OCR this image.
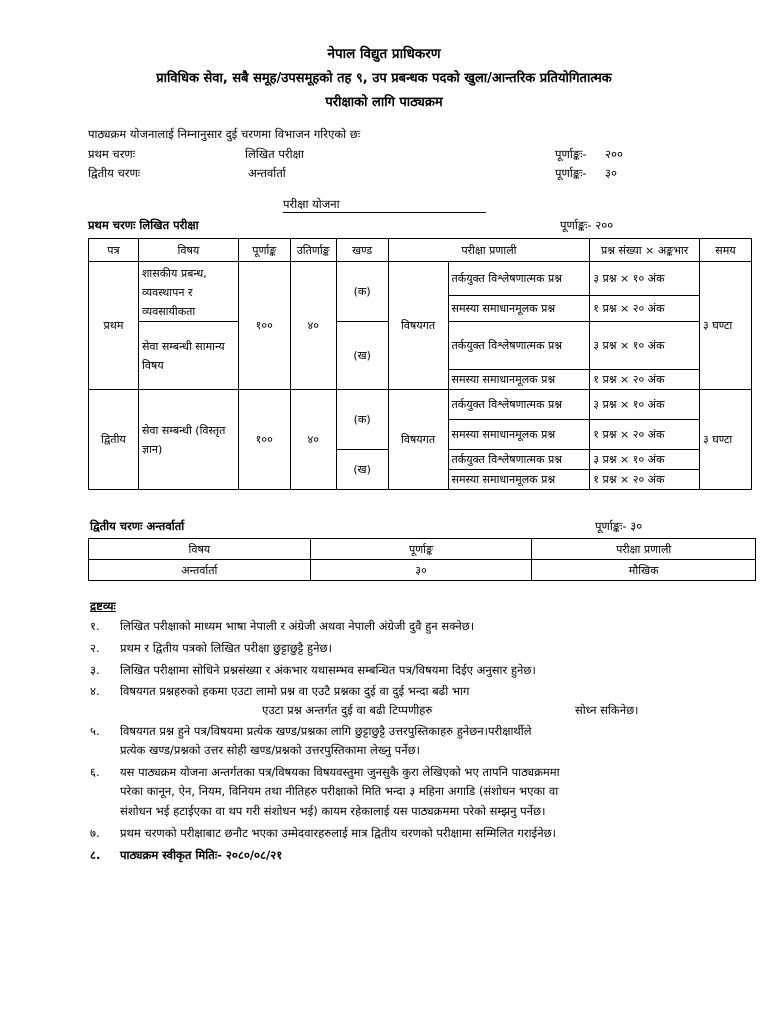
नेपाल विद्युत प्राधिकरण
प्राविधिक सेवा, सबै समूह/उपसमूहको तह ९, उप प्रबन्धक पदको खुला/आन्तरिक प्रतियोगितात्मक
परीक्षाको लागि पाठ्यक्रम
पाठ्यक्रम योजनालाई निम्नानुसार दुई चरणमा विभाजन गरिएको छः
प्रथम चरणः	लिखित परीक्षा	पूर्णाङ्कः- २००
द्वितीय चरणः	अन्तर्वार्ता	पूर्णाङ्कः- ३०
परीक्षा योजना
प्रथम चरणः लिखित परीक्षा	पूर्णाङ्कः- २००
पत्र	विषय	पूर्णाङ्क	उतिर्णाङ्क	खण्ड	परीक्षा प्रणाली		प्रश्न संख्या × अङ्कभार	समय
प्रथम	शासकीय प्रबन्ध, व्यवस्थापन र व्यवसायीकता	१००	४०	(क)	विषयगत	तर्कयुक्त विश्लेषणात्मक प्रश्न	३ प्रश्न × १० अंक	३ घण्टा
						समस्या समाधानमूलक प्रश्न	१ प्रश्न × २० अंक	
	सेवा सम्बन्धी सामान्य विषय			(ख)		तर्कयुक्त विश्लेषणात्मक प्रश्न	३ प्रश्न × १० अंक	
						समस्या समाधानमूलक प्रश्न	१ प्रश्न × २० अंक	
द्वितीय	सेवा सम्बन्धी (विस्तृत ज्ञान)	१००	४०	(क)	विषयगत	तर्कयुक्त विश्लेषणात्मक प्रश्न	३ प्रश्न × १० अंक	३ घण्टा
						समस्या समाधानमूलक प्रश्न	१ प्रश्न × २० अंक	
				(ख)		तर्कयुक्त विश्लेषणात्मक प्रश्न	३ प्रश्न × १० अंक	
						समस्या समाधानमूलक प्रश्न	१ प्रश्न × २० अंक	
द्वितीय चरणः अन्तर्वार्ता	पूर्णाङ्कः- ३०
विषय	पूर्णाङ्क	परीक्षा प्रणाली
अन्तर्वार्ता	३०	मौखिक
द्रष्टव्यः
१. लिखित परीक्षाको माध्यम भाषा नेपाली र अंग्रेजी अथवा नेपाली अंग्रेजी दुवै हुन सक्नेछ।
२. प्रथम र द्वितीय पत्रको लिखित परीक्षा छुट्टाछुट्टै हुनेछ।
३. लिखित परीक्षामा सोधिने प्रश्नसंख्या र अंकभार यथासम्भव सम्बन्धित पत्र/विषयमा दिईए अनुसार हुनेछ।
४. विषयगत प्रश्नहरुको हकमा एउटा लामो प्रश्न वा एउटै प्रश्नका दुई वा दुई भन्दा बढी भाग
एउटा प्रश्न अन्तर्गत दुई वा बढी टिप्पणीहरु	सोध्न सकिनेछ।
५. विषयगत प्रश्न हुने पत्र/विषयमा प्रत्येक खण्ड/प्रश्नका लागि छुट्टाछुट्टै उत्तरपुस्तिकाहरु हुनेछन।परीक्षार्थीले
प्रत्येक खण्ड/प्रश्नको उत्तर सोही खण्ड/प्रश्नको उत्तरपुस्तिकामा लेख्नु पर्नेछ।
६. यस पाठ्यक्रम योजना अन्तर्गतका पत्र/विषयका विषयवस्तुमा जुनसुकै कुरा लेखिएको भए तापनि पाठ्यक्रममा
परेका कानून, ऐन, नियम, विनियम तथा नीतिहरु परीक्षाको मिति भन्दा ३ महिना अगाडि (संशोधन भएका वा
संशोधन भई हटाईएका वा थप गरी संशोधन भई) कायम रहेकालाई यस पाठ्यक्रममा परेको सम्झनु पर्नेछ।
७. प्रथम चरणको परीक्षाबाट छनौट भएका उम्मेदवारहरुलाई मात्र द्वितीय चरणको परीक्षामा सम्मिलित गराईनेछ।
८. पाठ्यक्रम स्वीकृत मितिः- २०८०/०८/२१
